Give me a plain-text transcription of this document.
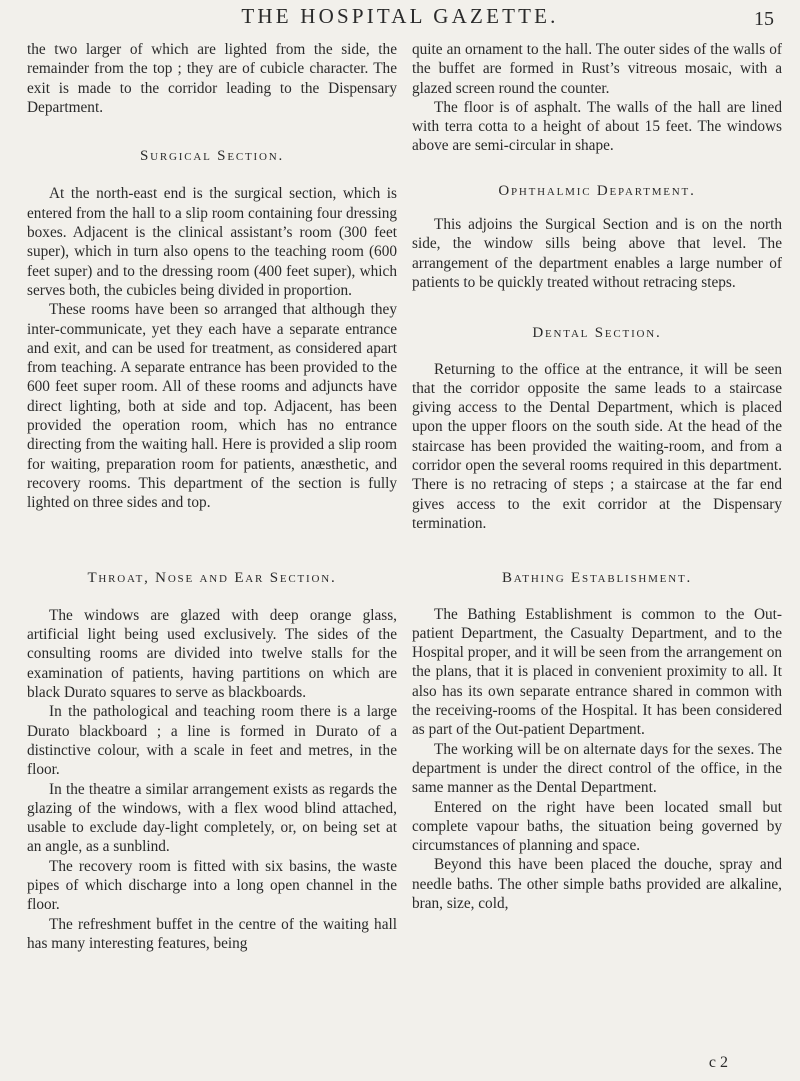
THE HOSPITAL GAZETTE.	15

the two larger of which are lighted from the side, the remainder from the top ; they are of cubicle character. The exit is made to the corridor leading to the Dispensary Department.

Surgical Section.

At the north-east end is the surgical section, which is entered from the hall to a slip room containing four dressing boxes. Adjacent is the clinical assistant’s room (300 feet super), which in turn also opens to the teaching room (600 feet super) and to the dressing room (400 feet super), which serves both, the cubicles being divided in proportion.

These rooms have been so arranged that although they inter-communicate, yet they each have a separate entrance and exit, and can be used for treatment, as considered apart from teaching. A separate entrance has been provided to the 600 feet super room. All of these rooms and adjuncts have direct lighting, both at side and top. Adjacent, has been provided the operation room, which has no entrance directing from the waiting hall. Here is provided a slip room for waiting, preparation room for patients, anæsthetic, and recovery rooms. This department of the section is fully lighted on three sides and top.

Throat, Nose and Ear Section.

The windows are glazed with deep orange glass, artificial light being used exclusively. The sides of the consulting rooms are divided into twelve stalls for the examination of patients, having partitions on which are black Durato squares to serve as blackboards.

In the pathological and teaching room there is a large Durato blackboard ; a line is formed in Durato of a distinctive colour, with a scale in feet and metres, in the floor.

In the theatre a similar arrangement exists as regards the glazing of the windows, with a flex wood blind attached, usable to exclude day-light completely, or, on being set at an angle, as a sunblind.

The recovery room is fitted with six basins, the waste pipes of which discharge into a long open channel in the floor.

The refreshment buffet in the centre of the waiting hall has many interesting features, being

quite an ornament to the hall. The outer sides of the walls of the buffet are formed in Rust’s vitreous mosaic, with a glazed screen round the counter.

The floor is of asphalt. The walls of the hall are lined with terra cotta to a height of about 15 feet. The windows above are semi-circular in shape.

Ophthalmic Department.

This adjoins the Surgical Section and is on the north side, the window sills being above that level. The arrangement of the department enables a large number of patients to be quickly treated without retracing steps.

Dental Section.

Returning to the office at the entrance, it will be seen that the corridor opposite the same leads to a staircase giving access to the Dental Department, which is placed upon the upper floors on the south side. At the head of the staircase has been provided the waiting-room, and from a corridor open the several rooms required in this department. There is no retracing of steps ; a staircase at the far end gives access to the exit corridor at the Dispensary termination.

Bathing Establishment.

The Bathing Establishment is common to the Out-patient Department, the Casualty Department, and to the Hospital proper, and it will be seen from the arrangement on the plans, that it is placed in convenient proximity to all. It also has its own separate entrance shared in common with the receiving-rooms of the Hospital. It has been considered as part of the Out-patient Department.

The working will be on alternate days for the sexes. The department is under the direct control of the office, in the same manner as the Dental Department.

Entered on the right have been located small but complete vapour baths, the situation being governed by circumstances of planning and space.

Beyond this have been placed the douche, spray and needle baths. The other simple baths provided are alkaline, bran, size, cold,

c 2
